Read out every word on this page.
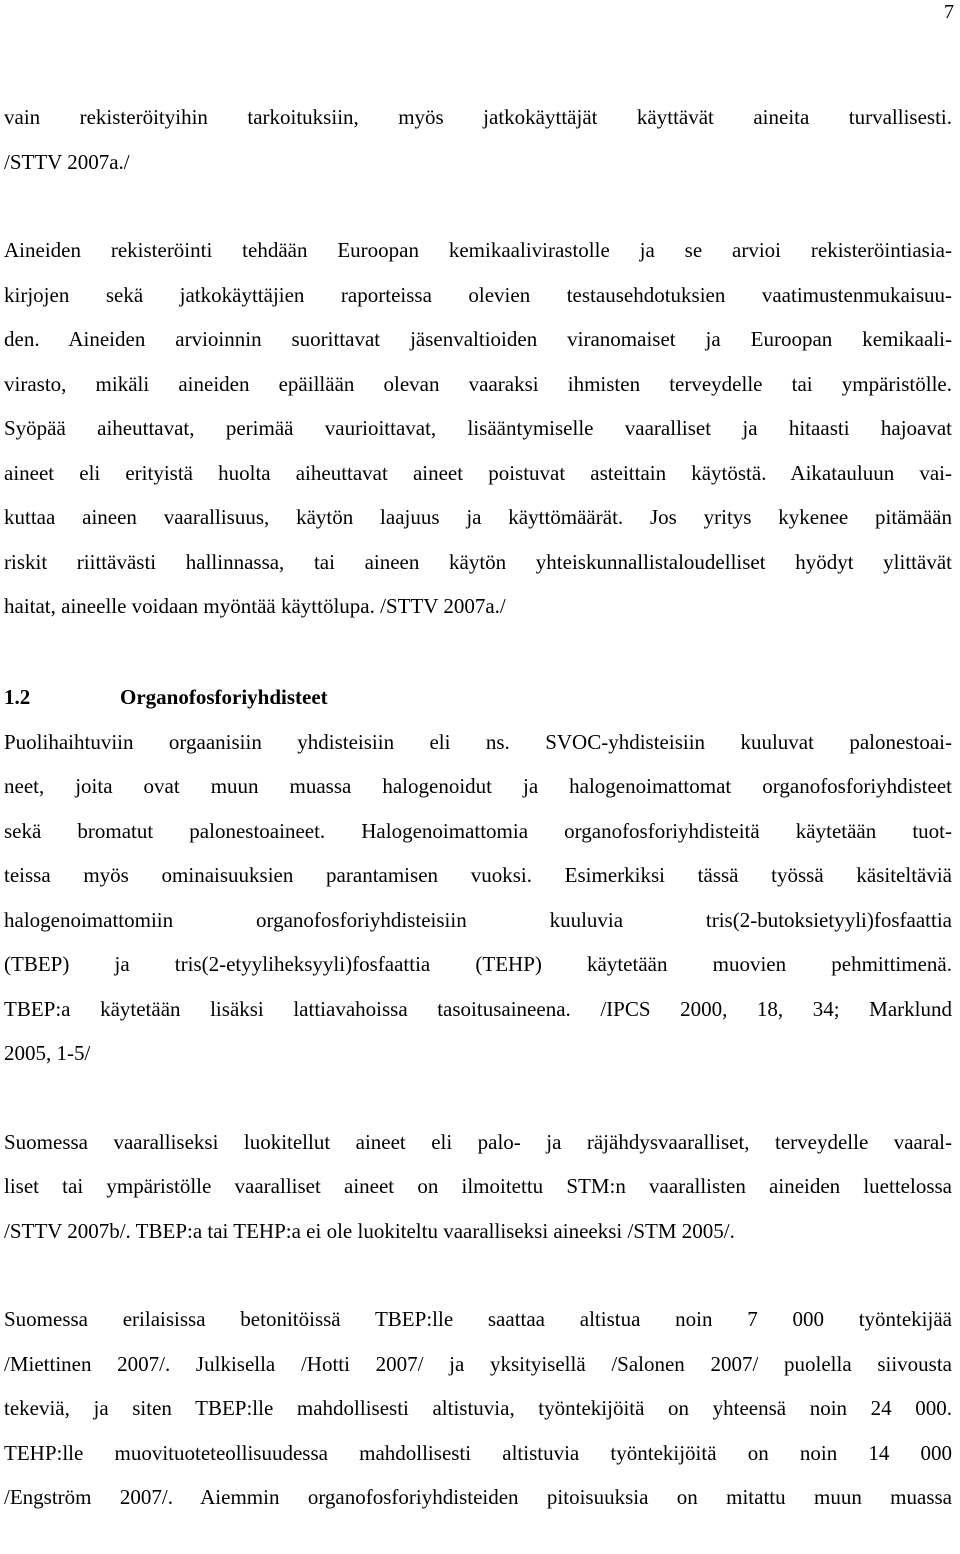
7

vain rekisteröityihin tarkoituksiin, myös jatkokäyttäjät käyttävät aineita turvallisesti.
/STTV 2007a./

Aineiden rekisteröinti tehdään Euroopan kemikaalivirastolle ja se arvioi rekisteröintiasia-
kirjojen sekä jatkokäyttäjien raporteissa olevien testausehdotuksien vaatimustenmukaisuu-
den. Aineiden arvioinnin suorittavat jäsenvaltioiden viranomaiset ja Euroopan kemikaali-
virasto, mikäli aineiden epäillään olevan vaaraksi ihmisten terveydelle tai ympäristölle.
Syöpää aiheuttavat, perimää vaurioittavat, lisääntymiselle vaaralliset ja hitaasti hajoavat
aineet eli erityistä huolta aiheuttavat aineet poistuvat asteittain käytöstä. Aikatauluun vai-
kuttaa aineen vaarallisuus, käytön laajuus ja käyttömäärät. Jos yritys kykenee pitämään
riskit riittävästi hallinnassa, tai aineen käytön yhteiskunnallistaloudelliset hyödyt ylittävät
haitat, aineelle voidaan myöntää käyttölupa. /STTV 2007a./

1.2	Organofosforiyhdisteet

Puolihaihtuviin orgaanisiin yhdisteisiin eli ns. SVOC-yhdisteisiin kuuluvat palonestoai-
neet, joita ovat muun muassa halogenoidut ja halogenoimattomat organofosforiyhdisteet
sekä bromatut palonestoaineet. Halogenoimattomia organofosforiyhdisteitä käytetään tuot-
teissa myös ominaisuuksien parantamisen vuoksi. Esimerkiksi tässä työssä käsiteltäviä
halogenoimattomiin organofosforiyhdisteisiin kuuluvia tris(2-butoksietyyli)fosfaattia
(TBEP) ja tris(2-etyyliheksyyli)fosfaattia (TEHP) käytetään muovien pehmittimenä.
TBEP:a käytetään lisäksi lattiavahoissa tasoitusaineena. /IPCS 2000, 18, 34; Marklund
2005, 1-5/

Suomessa vaaralliseksi luokitellut aineet eli palo- ja räjähdysvaaralliset, terveydelle vaaral-
liset tai ympäristölle vaaralliset aineet on ilmoitettu STM:n vaarallisten aineiden luettelossa
/STTV 2007b/. TBEP:a tai TEHP:a ei ole luokiteltu vaaralliseksi aineeksi /STM 2005/.

Suomessa erilaisissa betonitöissä TBEP:lle saattaa altistua noin 7 000 työntekijää
/Miettinen 2007/. Julkisella /Hotti 2007/ ja yksityisellä /Salonen 2007/ puolella siivousta
tekeviä, ja siten TBEP:lle mahdollisesti altistuvia, työntekijöitä on yhteensä noin 24 000.
TEHP:lle muovituoteteollisuudessa mahdollisesti altistuvia työntekijöitä on noin 14 000
/Engström 2007/. Aiemmin organofosforiyhdisteiden pitoisuuksia on mitattu muun muassa
